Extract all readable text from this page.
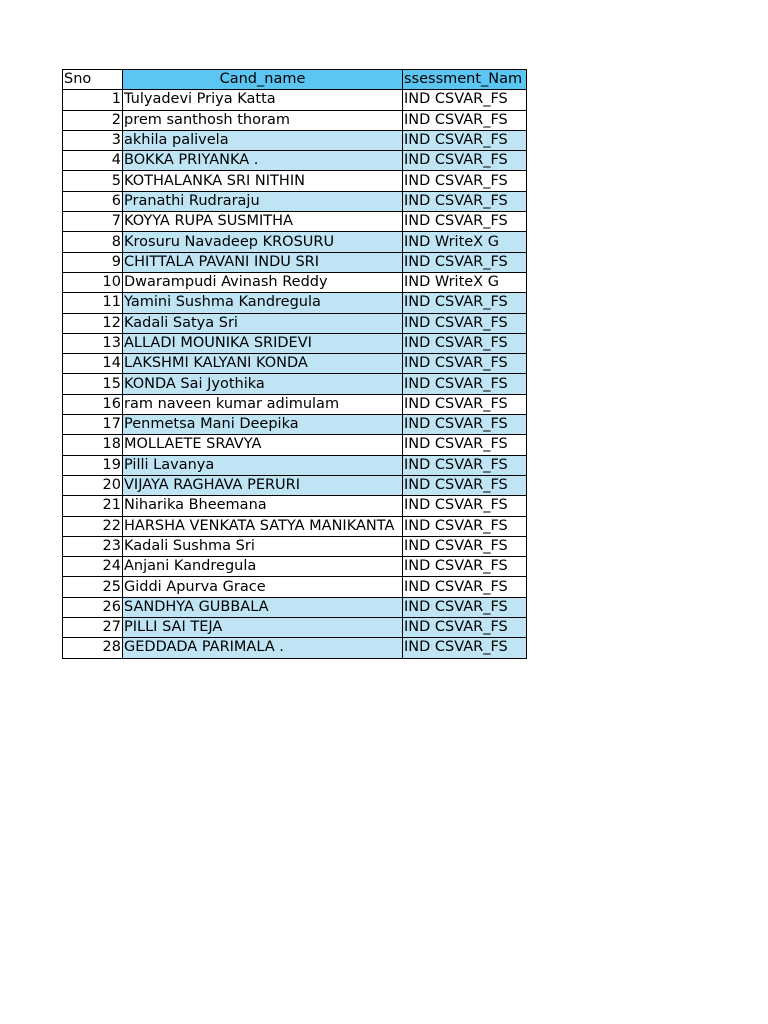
Sno	Cand_name	ssessment_Nam
1	Tulyadevi Priya Katta	IND CSVAR_FS
2	prem santhosh thoram	IND CSVAR_FS
3	akhila palivela	IND CSVAR_FS
4	BOKKA PRIYANKA .	IND CSVAR_FS
5	KOTHALANKA SRI NITHIN	IND CSVAR_FS
6	Pranathi Rudraraju	IND CSVAR_FS
7	KOYYA RUPA SUSMITHA	IND CSVAR_FS
8	Krosuru Navadeep KROSURU	IND WriteX G
9	CHITTALA PAVANI INDU SRI	IND CSVAR_FS
10	Dwarampudi Avinash Reddy	IND WriteX G
11	Yamini Sushma Kandregula	IND CSVAR_FS
12	Kadali Satya Sri	IND CSVAR_FS
13	ALLADI MOUNIKA SRIDEVI	IND CSVAR_FS
14	LAKSHMI KALYANI KONDA	IND CSVAR_FS
15	KONDA Sai Jyothika	IND CSVAR_FS
16	ram naveen kumar adimulam	IND CSVAR_FS
17	Penmetsa Mani Deepika	IND CSVAR_FS
18	MOLLAETE SRAVYA	IND CSVAR_FS
19	Pilli Lavanya	IND CSVAR_FS
20	VIJAYA RAGHAVA PERURI	IND CSVAR_FS
21	Niharika Bheemana	IND CSVAR_FS
22	HARSHA VENKATA SATYA MANIKANTA	IND CSVAR_FS
23	Kadali Sushma Sri	IND CSVAR_FS
24	Anjani Kandregula	IND CSVAR_FS
25	Giddi Apurva Grace	IND CSVAR_FS
26	SANDHYA GUBBALA	IND CSVAR_FS
27	PILLI SAI TEJA	IND CSVAR_FS
28	GEDDADA PARIMALA .	IND CSVAR_FS
